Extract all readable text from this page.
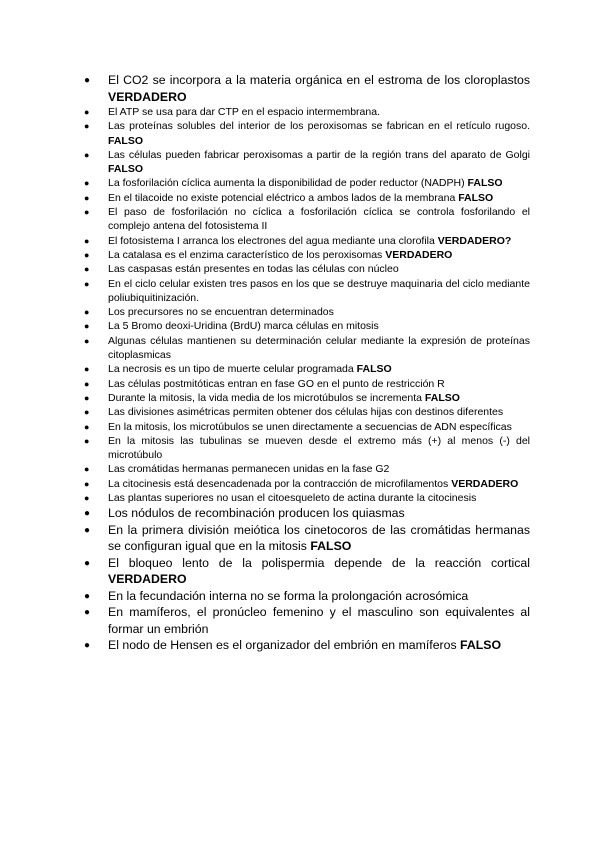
● El CO2 se incorpora a la materia orgánica en el estroma de los cloroplastos VERDADERO
● El ATP se usa para dar CTP en el espacio intermembrana.
● Las proteínas solubles del interior de los peroxisomas se fabrican en el retículo rugoso. FALSO
● Las células pueden fabricar peroxisomas a partir de la región trans del aparato de Golgi FALSO
● La fosforilación cíclica aumenta la disponibilidad de poder reductor (NADPH) FALSO
● En el tilacoide no existe potencial eléctrico a ambos lados de la membrana FALSO
● El paso de fosforilación no cíclica a fosforilación cíclica se controla fosforilando el complejo antena del fotosistema II
● El fotosistema I arranca los electrones del agua mediante una clorofila VERDADERO?
● La catalasa es el enzima característico de los peroxisomas VERDADERO
● Las caspasas están presentes en todas las células con núcleo
● En el ciclo celular existen tres pasos en los que se destruye maquinaria del ciclo mediante poliubiquitinización.
● Los precursores no se encuentran determinados
● La 5 Bromo deoxi-Uridina (BrdU) marca células en mitosis
● Algunas células mantienen su determinación celular mediante la expresión de proteínas citoplasmicas
● La necrosis es un tipo de muerte celular programada FALSO
● Las células postmitóticas entran en fase GO en el punto de restricción R
● Durante la mitosis, la vida media de los microtúbulos se incrementa FALSO
● Las divisiones asimétricas permiten obtener dos células hijas con destinos diferentes
● En la mitosis, los microtúbulos se unen directamente a secuencias de ADN específicas
● En la mitosis las tubulinas se mueven desde el extremo más (+) al menos (-) del microtúbulo
● Las cromátidas hermanas permanecen unidas en la fase G2
● La citocinesis está desencadenada por la contracción de microfilamentos VERDADERO
● Las plantas superiores no usan el citoesqueleto de actina durante la citocinesis
● Los nódulos de recombinación producen los quiasmas
● En la primera división meiótica los cinetocoros de las cromátidas hermanas se configuran igual que en la mitosis FALSO
● El bloqueo lento de la polispermia depende de la reacción cortical VERDADERO
● En la fecundación interna no se forma la prolongación acrosómica
● En mamíferos, el pronúcleo femenino y el masculino son equivalentes al formar un embrión
● El nodo de Hensen es el organizador del embrión en mamíferos FALSO
